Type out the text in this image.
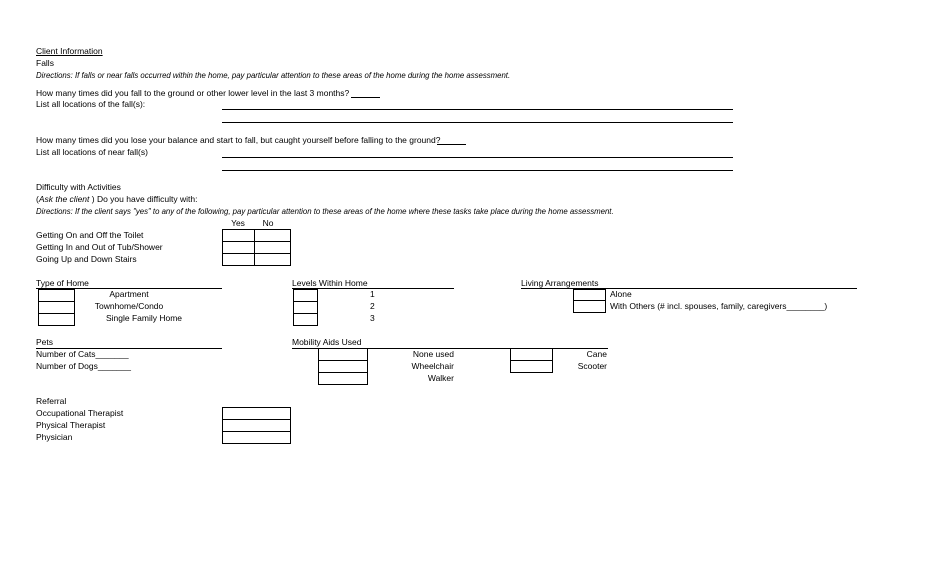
Client Information
Falls
Directions: If falls or near falls occurred within the home, pay particular attention to these areas of the home during the home assessment.
How many times did you fall to the ground or other lower level in the last 3 months?
List all locations of the fall(s):
How many times did you lose your balance and start to fall, but caught yourself before falling to the ground?
List all locations of near fall(s)
Difficulty with Activities
(Ask the client ) Do you have difficulty with:
Directions: If the client says "yes" to any of the following, pay particular attention to these areas of the home where these tasks take place during the home assessment.
Yes	No
Getting On and Off the Toilet
Getting In and Out of Tub/Shower
Going Up and Down Stairs
Type of Home
Apartment
Townhome/Condo
Single Family Home
Levels Within Home
1
2
3
Living Arrangements
Alone
With Others (# incl. spouses, family, caregivers________)
Pets
Number of Cats_______
Number of Dogs_______
Mobility Aids Used
None used
Wheelchair
Walker
Cane
Scooter
Referral
Occupational Therapist
Physical Therapist
Physician
